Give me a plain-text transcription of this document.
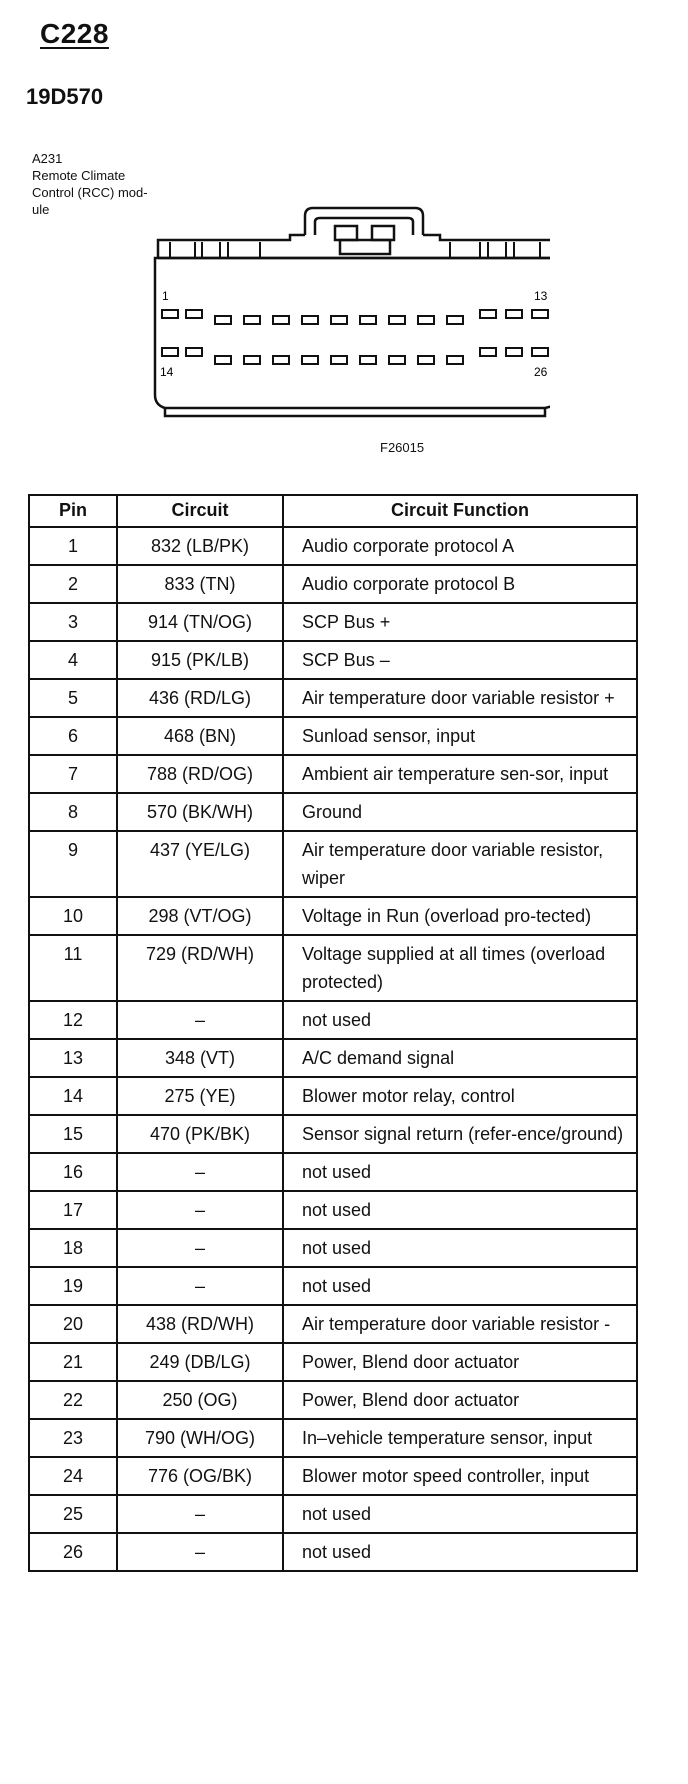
C228
19D570
A231
Remote Climate
Control (RCC) mod-
ule
1	13
14	26
F26015
Pin	Circuit	Circuit Function
1	832 (LB/PK)	Audio corporate protocol A
2	833 (TN)	Audio corporate protocol B
3	914 (TN/OG)	SCP Bus +
4	915 (PK/LB)	SCP Bus –
5	436 (RD/LG)	Air temperature door variable resistor +
6	468 (BN)	Sunload sensor, input
7	788 (RD/OG)	Ambient air temperature sen-sor, input
8	570 (BK/WH)	Ground
9	437 (YE/LG)	Air temperature door variable resistor, wiper
10	298 (VT/OG)	Voltage in Run (overload pro-tected)
11	729 (RD/WH)	Voltage supplied at all times (overload protected)
12	–	not used
13	348 (VT)	A/C demand signal
14	275 (YE)	Blower motor relay, control
15	470 (PK/BK)	Sensor signal return (refer-ence/ground)
16	–	not used
17	–	not used
18	–	not used
19	–	not used
20	438 (RD/WH)	Air temperature door variable resistor -
21	249 (DB/LG)	Power, Blend door actuator
22	250 (OG)	Power, Blend door actuator
23	790 (WH/OG)	In–vehicle temperature sensor, input
24	776 (OG/BK)	Blower motor speed controller, input
25	–	not used
26	–	not used
